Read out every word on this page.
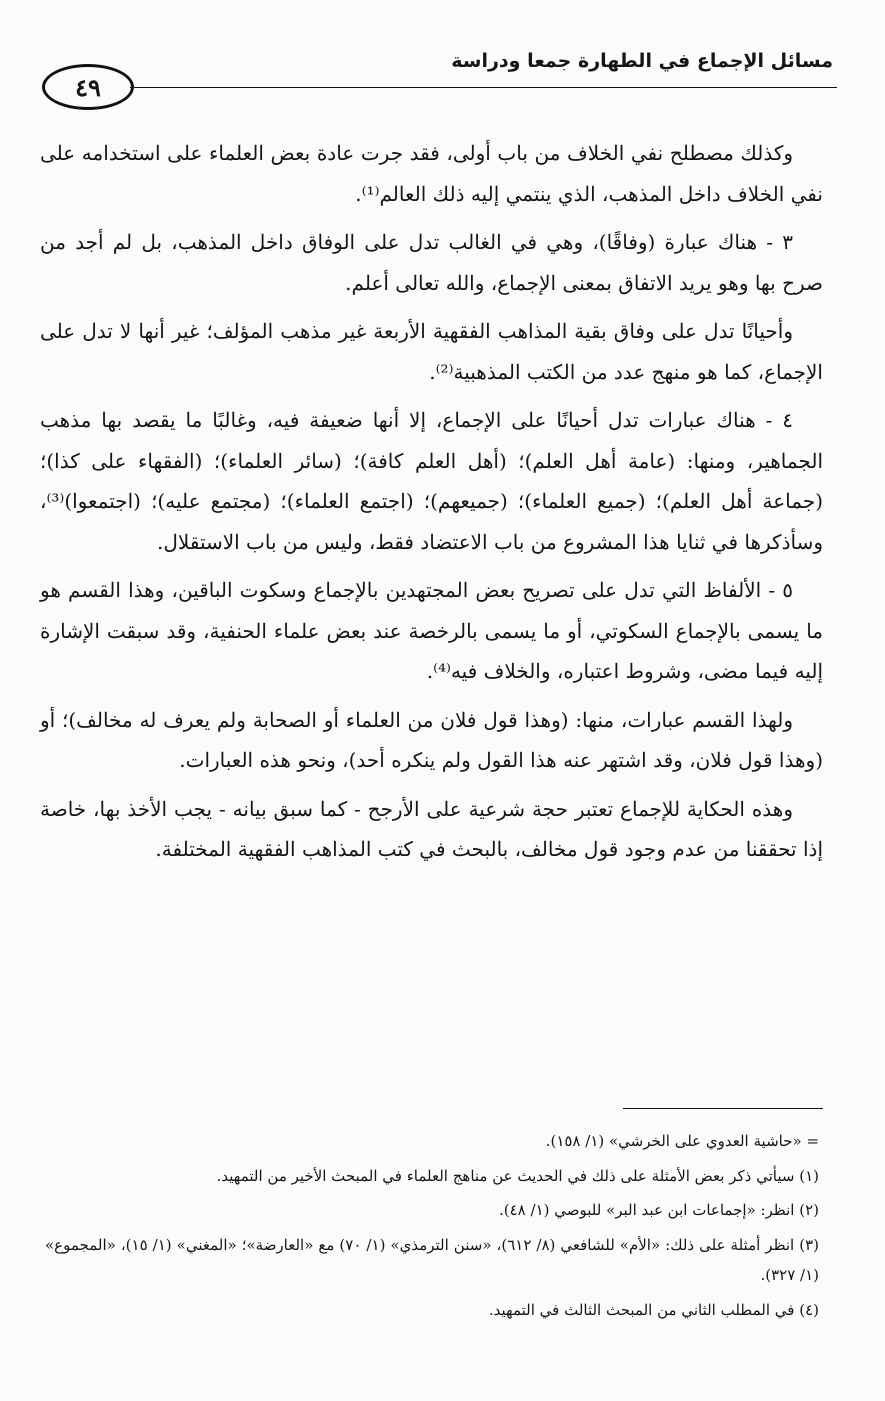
مسائل الإجماع في الطهارة جمعا ودراسة
٤٩

وكذلك مصطلح نفي الخلاف من باب أولى، فقد جرت عادة بعض العلماء على استخدامه على نفي الخلاف داخل المذهب، الذي ينتمي إليه ذلك العالم⁽¹⁾.

٣ - هناك عبارة (وفاقًا)، وهي في الغالب تدل على الوفاق داخل المذهب، بل لم أجد من صرح بها وهو يريد الاتفاق بمعنى الإجماع، والله تعالى أعلم.

وأحيانًا تدل على وفاق بقية المذاهب الفقهية الأربعة غير مذهب المؤلف؛ غير أنها لا تدل على الإجماع، كما هو منهج عدد من الكتب المذهبية⁽²⁾.

٤ - هناك عبارات تدل أحيانًا على الإجماع، إلا أنها ضعيفة فيه، وغالبًا ما يقصد بها مذهب الجماهير، ومنها: (عامة أهل العلم)؛ (أهل العلم كافة)؛ (سائر العلماء)؛ (الفقهاء على كذا)؛ (جماعة أهل العلم)؛ (جميع العلماء)؛ (جميعهم)؛ (اجتمع العلماء)؛ (مجتمع عليه)؛ (اجتمعوا)⁽³⁾، وسأذكرها في ثنايا هذا المشروع من باب الاعتضاد فقط، وليس من باب الاستقلال.

٥ - الألفاظ التي تدل على تصريح بعض المجتهدين بالإجماع وسكوت الباقين، وهذا القسم هو ما يسمى بالإجماع السكوتي، أو ما يسمى بالرخصة عند بعض علماء الحنفية، وقد سبقت الإشارة إليه فيما مضى، وشروط اعتباره، والخلاف فيه⁽⁴⁾.

ولهذا القسم عبارات، منها: (وهذا قول فلان من العلماء أو الصحابة ولم يعرف له مخالف)؛ أو (وهذا قول فلان، وقد اشتهر عنه هذا القول ولم ينكره أحد)، ونحو هذه العبارات.

وهذه الحكاية للإجماع تعتبر حجة شرعية على الأرجح - كما سبق بيانه - يجب الأخذ بها، خاصة إذا تحققنا من عدم وجود قول مخالف، بالبحث في كتب المذاهب الفقهية المختلفة.

= «حاشية العدوي على الخرشي» (١/ ١٥٨).

(١) سيأتي ذكر بعض الأمثلة على ذلك في الحديث عن مناهج العلماء في المبحث الأخير من التمهيد.

(٢) انظر: «إجماعات ابن عبد البر» للبوصي (١/ ٤٨).

(٣) انظر أمثلة على ذلك: «الأم» للشافعي (٨/ ٦١٢)، «سنن الترمذي» (١/ ٧٠) مع «العارضة»؛ «المغني» (١/ ١٥)، «المجموع» (١/ ٣٢٧).

(٤) في المطلب الثاني من المبحث الثالث في التمهيد.
